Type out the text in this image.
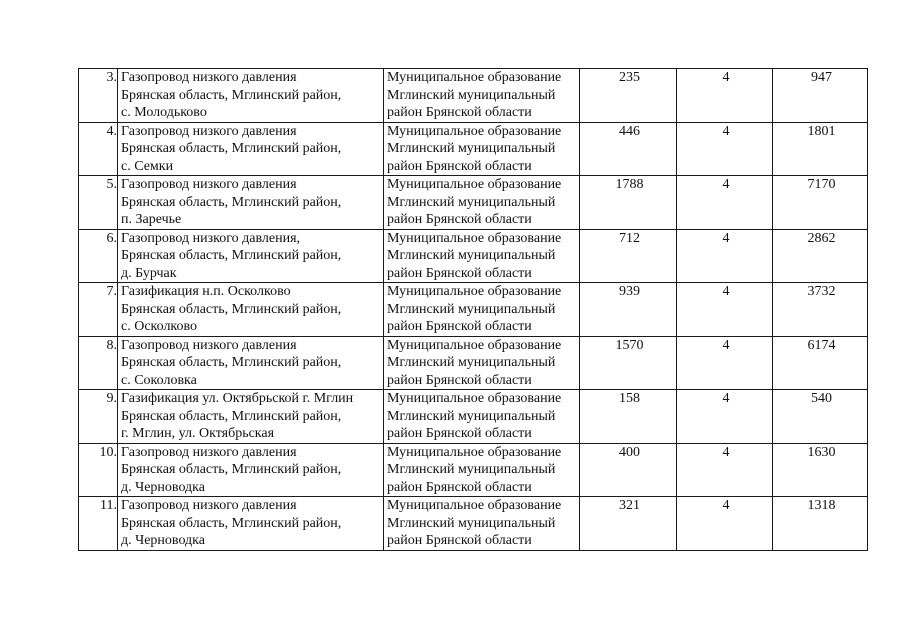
3.	Газопровод низкого давления
Брянская область, Мглинский район,
с. Молодьково	Муниципальное образование
Мглинский муниципальный
район Брянской области	235	4	947

4.	Газопровод низкого давления
Брянская область, Мглинский район,
с. Семки	Муниципальное образование
Мглинский муниципальный
район Брянской области	446	4	1801

5.	Газопровод низкого давления
Брянская область, Мглинский район,
п. Заречье	Муниципальное образование
Мглинский муниципальный
район Брянской области	1788	4	7170

6.	Газопровод низкого давления,
Брянская область, Мглинский район,
д. Бурчак	Муниципальное образование
Мглинский муниципальный
район Брянской области	712	4	2862

7.	Газификация н.п. Осколково
Брянская область, Мглинский район,
с. Осколково	Муниципальное образование
Мглинский муниципальный
район Брянской области	939	4	3732

8.	Газопровод низкого давления
Брянская область, Мглинский район,
с. Соколовка	Муниципальное образование
Мглинский муниципальный
район Брянской области	1570	4	6174

9.	Газификация ул. Октябрьской г. Мглин
Брянская область, Мглинский район,
г. Мглин, ул. Октябрьская	Муниципальное образование
Мглинский муниципальный
район Брянской области	158	4	540

10.	Газопровод низкого давления
Брянская область, Мглинский район,
д. Черноводка	Муниципальное образование
Мглинский муниципальный
район Брянской области	400	4	1630

11.	Газопровод низкого давления
Брянская область, Мглинский район,
д. Черноводка	Муниципальное образование
Мглинский муниципальный
район Брянской области	321	4	1318
